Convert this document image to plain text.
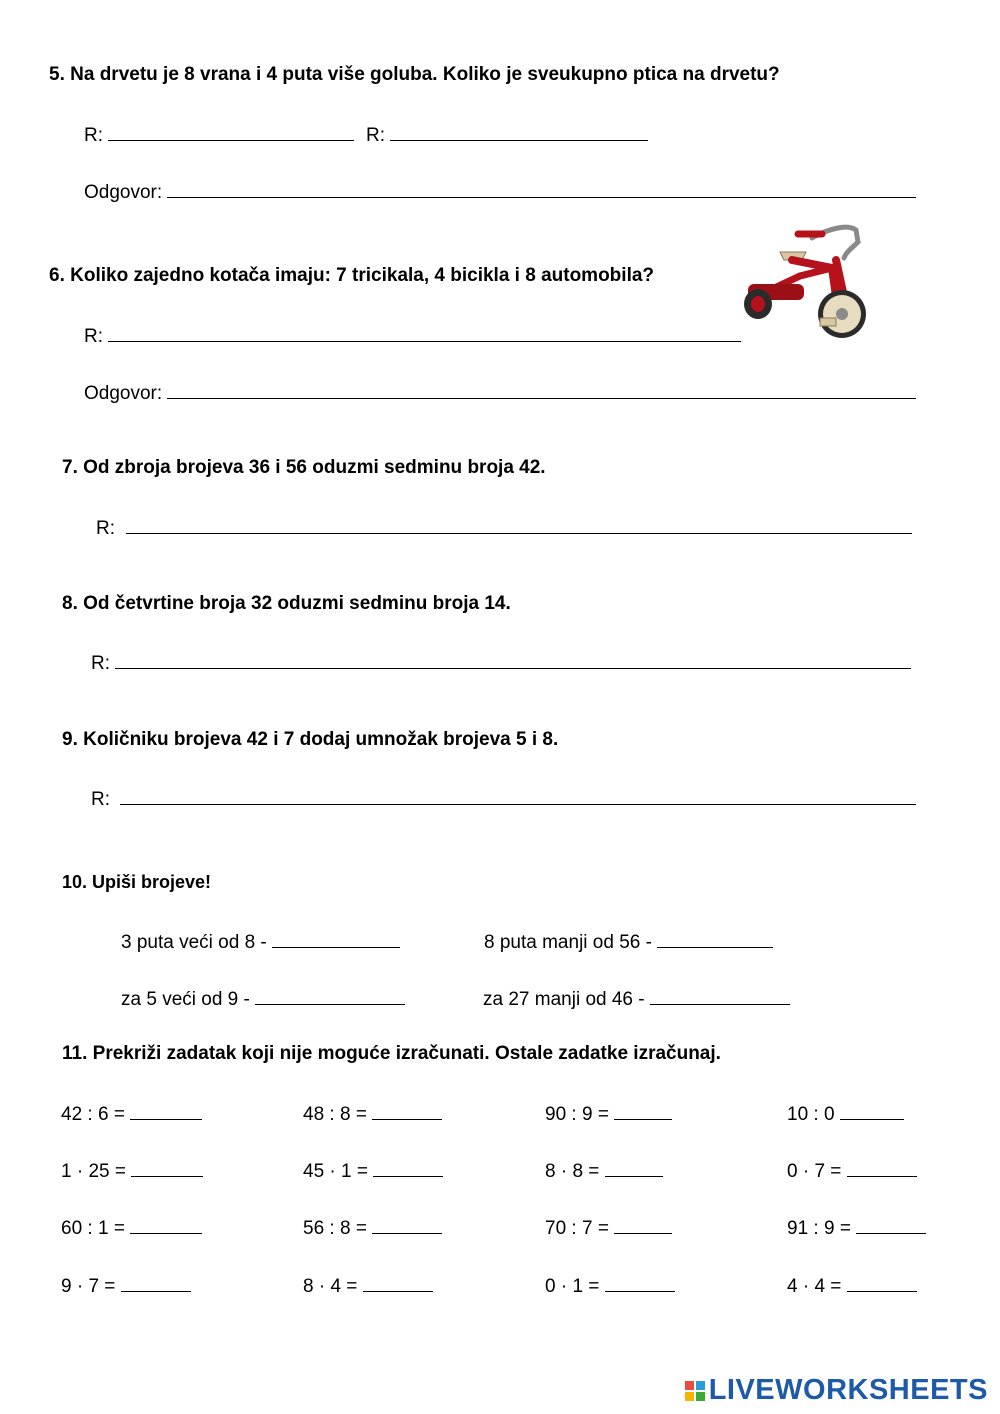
5. Na drvetu je 8 vrana i 4 puta više goluba. Koliko je sveukupno ptica na drvetu?
R:	R:
Odgovor:
6. Koliko zajedno kotača imaju: 7 tricikala, 4 bicikla i 8 automobila?
R:
Odgovor:
7. Od zbroja brojeva 36 i 56 oduzmi sedminu broja 42.
R:
8. Od četvrtine broja 32 oduzmi sedminu broja 14.
R:
9. Količniku brojeva 42 i 7 dodaj umnožak brojeva 5 i 8.
R:
10. Upiši brojeve!
3 puta veći od 8 -	8 puta manji od 56 -
za 5 veći od 9 -	za 27 manji od 46 -
11. Prekriži zadatak koji nije moguće izračunati. Ostale zadatke izračunaj.
42 : 6 =	48 : 8 =	90 : 9 =	10 : 0
1 · 25 =	45 · 1 =	8 · 8 =	0 · 7 =
60 : 1 =	56 : 8 =	70 : 7 =	91 : 9 =
9 · 7 =	8 · 4 =	0 · 1 =	4 · 4 =
LIVEWORKSHEETS
